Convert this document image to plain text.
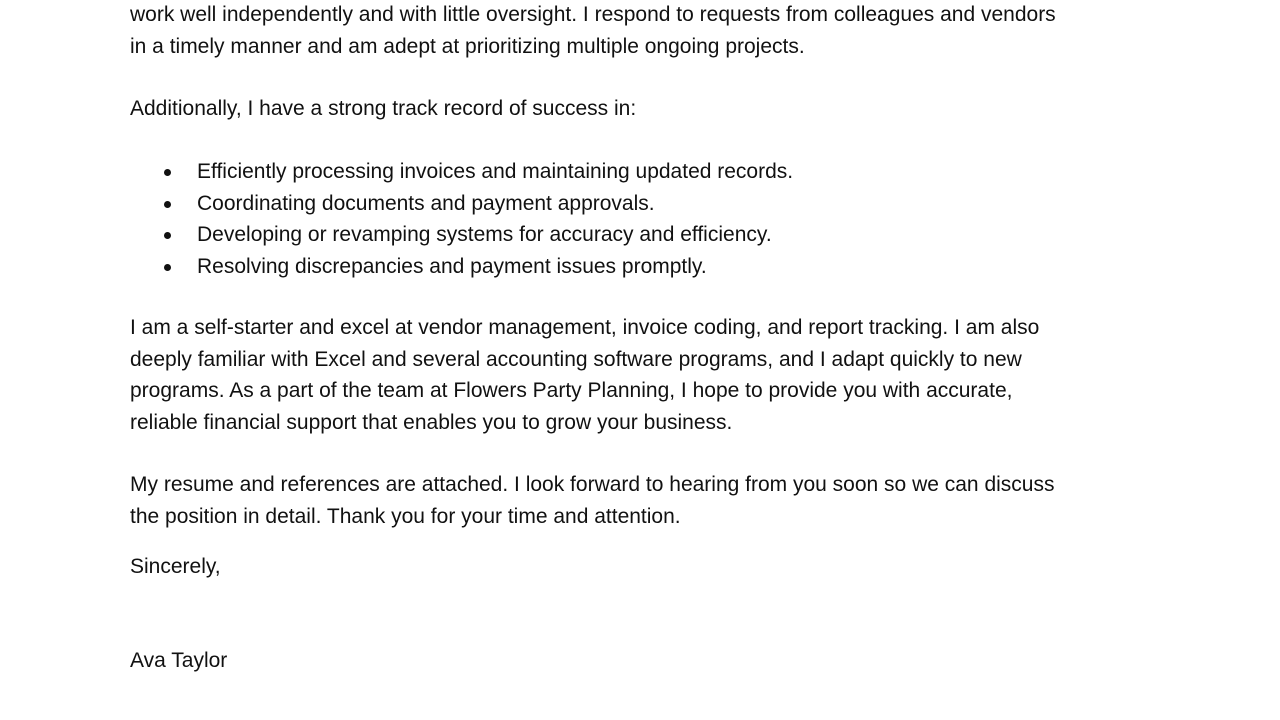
work well independently and with little oversight. I respond to requests from colleagues and vendors
in a timely manner and am adept at prioritizing multiple ongoing projects.

Additionally, I have a strong track record of success in:

Efficiently processing invoices and maintaining updated records.
Coordinating documents and payment approvals.
Developing or revamping systems for accuracy and efficiency.
Resolving discrepancies and payment issues promptly.

I am a self-starter and excel at vendor management, invoice coding, and report tracking. I am also
deeply familiar with Excel and several accounting software programs, and I adapt quickly to new
programs. As a part of the team at Flowers Party Planning, I hope to provide you with accurate,
reliable financial support that enables you to grow your business.

My resume and references are attached. I look forward to hearing from you soon so we can discuss
the position in detail. Thank you for your time and attention.

Sincerely,

Ava Taylor
